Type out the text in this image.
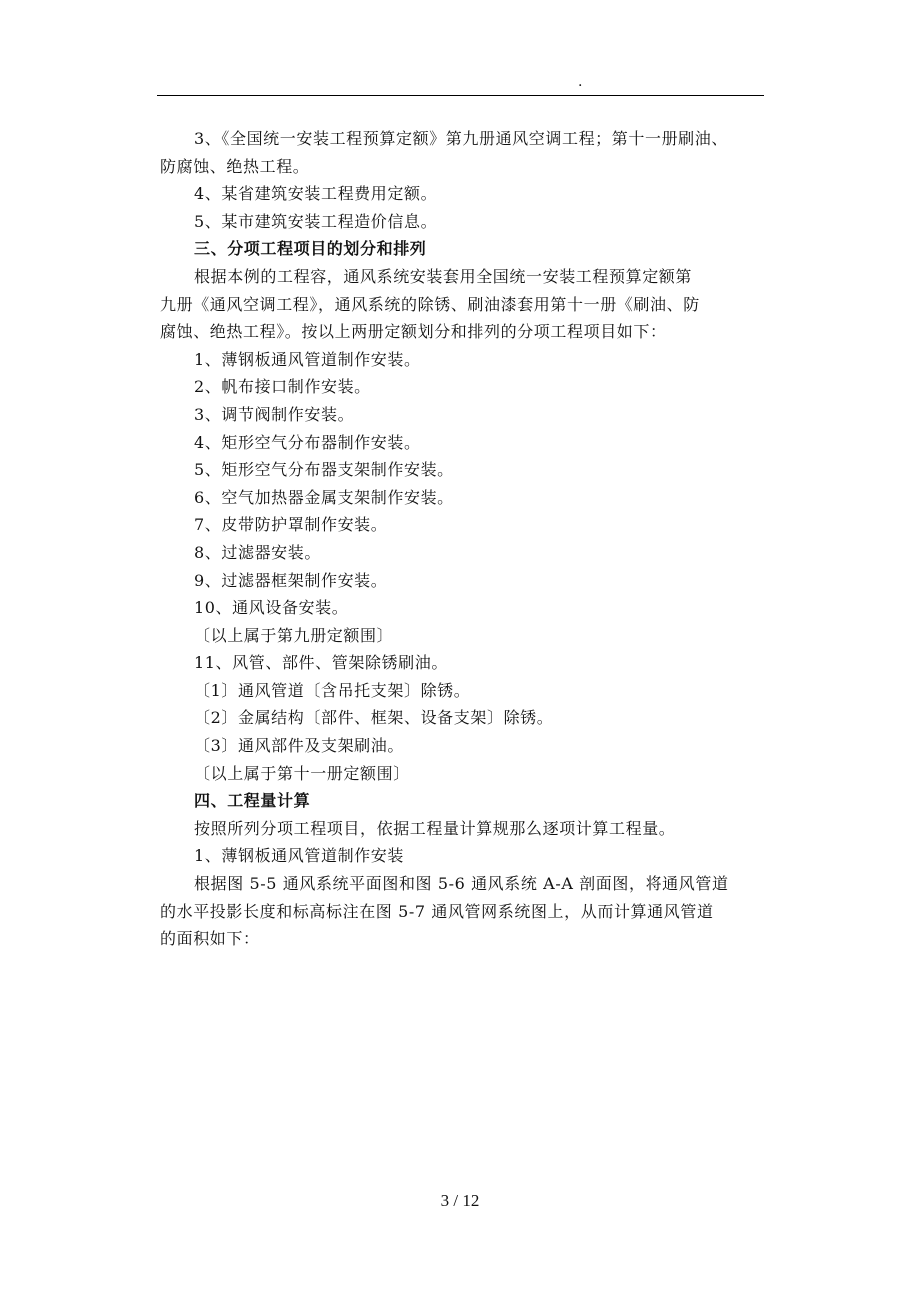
.
3、《全国统一安装工程预算定额》第九册通风空调工程；第十一册刷油、
防腐蚀、绝热工程。
4、某省建筑安装工程费用定额。
5、某市建筑安装工程造价信息。
三、分项工程项目的划分和排列
根据本例的工程容，通风系统安装套用全国统一安装工程预算定额第
九册《通风空调工程》，通风系统的除锈、刷油漆套用第十一册《刷油、防
腐蚀、绝热工程》。按以上两册定额划分和排列的分项工程项目如下：
1、薄钢板通风管道制作安装。
2、帆布接口制作安装。
3、调节阀制作安装。
4、矩形空气分布器制作安装。
5、矩形空气分布器支架制作安装。
6、空气加热器金属支架制作安装。
7、皮带防护罩制作安装。
8、过滤器安装。
9、过滤器框架制作安装。
10、通风设备安装。
〔以上属于第九册定额围〕
11、风管、部件、管架除锈刷油。
〔1〕通风管道〔含吊托支架〕除锈。
〔2〕金属结构〔部件、框架、设备支架〕除锈。
〔3〕通风部件及支架刷油。
〔以上属于第十一册定额围〕
四、工程量计算
按照所列分项工程项目，依据工程量计算规那么逐项计算工程量。
1、薄钢板通风管道制作安装
根据图 5-5 通风系统平面图和图 5-6 通风系统 A-A 剖面图，将通风管道
的水平投影长度和标高标注在图 5-7 通风管网系统图上，从而计算通风管道
的面积如下：
3 / 12
